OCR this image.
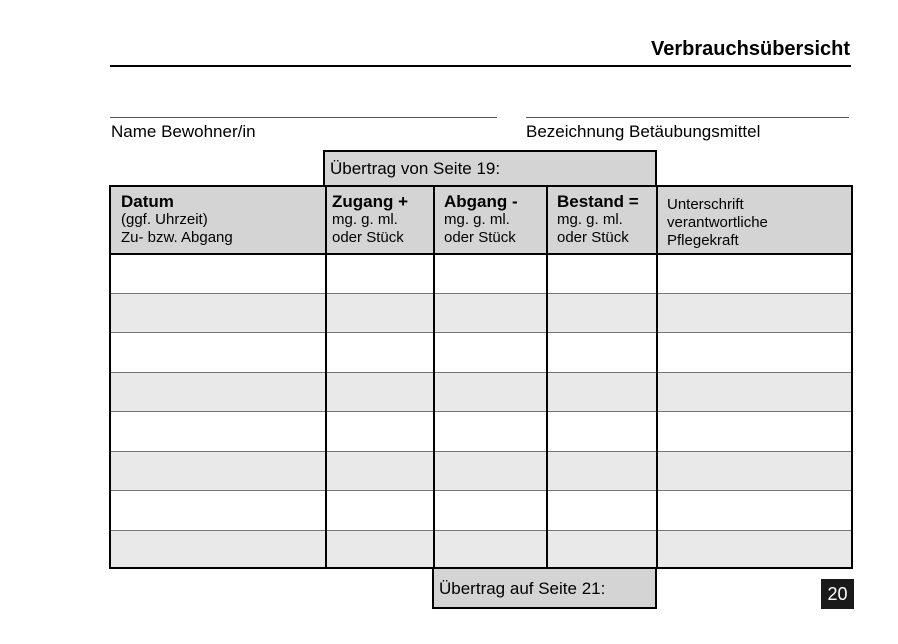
Verbrauchsübersicht
Name Bewohner/in	Bezeichnung Betäubungsmittel
Übertrag von Seite 19:
Datum
(ggf. Uhrzeit)
Zu- bzw. Abgang
Zugang +
mg. g. ml.
oder Stück
Abgang -
mg. g. ml.
oder Stück
Bestand =
mg. g. ml.
oder Stück
Unterschrift
verantwortliche
Pflegekraft
Übertrag auf Seite 21:	20
